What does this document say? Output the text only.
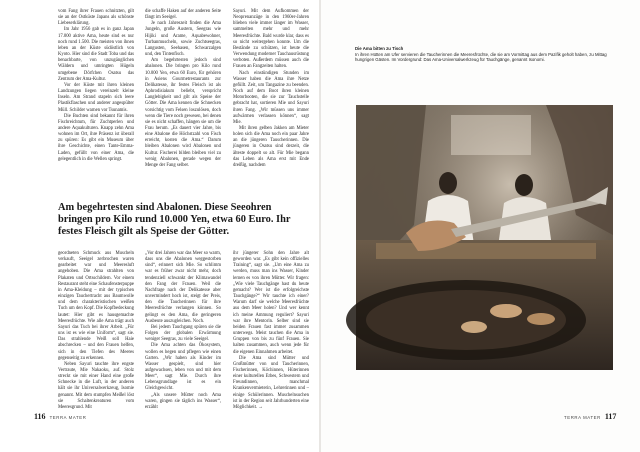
vom Fang ihrer Frauen schnitzten, gilt sie an der Ostküste Japans als schönste Liebeserklärung.

Im Jahr 1956 gab es in ganz Japan 17.000 aktive Ama, heute sind es nur noch rund 1.500. Die meisten von ihnen leben an der Küste südöstlich von Kyoto. Hier sind die Stadt Toba und das benachbarte, von unzugänglichen Wäldern und umringten Hügeln umgebene Dörfchen Osatsu das Zentrum der Ama-Kultur.

Vor der Küste mit ihren kleinen Landzungen liegen vereinzelt kleine Inseln. Am Strand stapeln sich leere Plastikflaschen und anderer angespülter Müll. Schilder warnen vor Tsunamis.

Die Buchten sind bekannt für ihren Fischreichtum, für Zuchtperlen und andere Aquakulturen. Knapp zehn Ama wohnen im Ort, ihre Präsenz ist überall zu spüren: Es gibt ein Museum über ihre Geschichte, einen Tante-Emma-Laden, gefüllt von einer Ama, die gelegentlich in die Wellen springt.

die schaffe Haken auf der anderen Seite fängt im Seeigel.

Je nach Jahreszeit finden die Ama Jungeln, große Austern, Seegras wie Hijiki und Arame, Aquabewohner, Turbanmuscheln, sowie Zuchtseegras, Langusten, Seehasen, Schwarzalgen und, den Tintenfisch.

Am begehrtesten jedoch sind abalonen. Die bringen pro Kilo rund 10.000 Yen, etwa 60 Euro, für gehören in Asiens Gourmetrestaurants zur Delikatesse, ihr festes Fleisch ist als Aphrodisiakum beliebt, verspricht Langlebigkeit und gilt als Speise der Götter. Die Ama kennen die Schnecken vorsichtig vom Felsen loszulösen, doch wenn die Tiere noch gewesen, bei denen sie es nicht schaffen, hängen sie um die Frau herum. „Es dauert vier Jahre, bis eine Abalone die Höchstzahl von Fisch erreicht, kosten die Ama.“ Darum bleiben Abalonen wird Abalonen und Kultur. Fischerei bilden bleiben viel zu wenig Abalonen, gerade wegen der Menge der Fang selber.

Sayuri. Mit dem Aufkommen der Neoprenanzüge in den 1960er-Jahren blieben viele immer länger im Wasser, sammelten mehr und mehr Meeresfrüchte. Bald wurde klar, dass es so nicht weitergehen konnte. Um die Bestände zu schützen, ist heute die Verwendung moderner Tauchausrüstung verboten. Außerdem müssen auch die Frauen an Fangzeiten halten.

Nach einstündigen Stunden im Wasser haben die Ama ihre Netze gefüllt. Zeit, um Tangazine zu beenden. Noch auf dem Boot ihren kleinen Motorbooten, die sie zur Tauchstelle gebracht hat, sortieren Mie und Sayuri ihren Fang. „Wir müssen uns immer aufwärmen verlassen können“, sagt Mie.

Mit ihren gelben Jakken am Mieter holen sich die Ama noch ein paar Jahre an die jüngeren Tauscherinnen. Die jüngeren in Osatsu sind derzeit, die älteste doppelt so alt. Für Mie begann das Leben als Ama erst mit Ende dreißig, nachdem

Am begehrtesten sind Abalonen. Diese Seeohren bringen pro Kilo rund 10.000 Yen, etwa 60 Euro. Ihr festes Fleisch gilt als Speise der Götter.

geordneten Schmuck aus Muscheln verkauft, Seeigel zerbrochen waren gearbeitet war und Meeresluft angehoben. Die Ama strahlten von Plakaten und Ortsschildern. Vor einem Restaurant steht eine Schaufensterpuppe in Ama-Kleidung – mit der typischen einzigen Tauchertracht aus Baumwolle und dem charakteristischen weißen Tuch um den Kopf. Die Kopfbedeckung lautet: Hier gibt es hausgemachte Meeresfrüchte. Wie alle Ama trägt auch Sayuri das Tuch bei ihrer Arbeit. „Für uns ist es wie eine Uniform“, sagt sie. Das strahlende Weiß soll Haie abschrecken – und den Frauen helfen, sich in den Tiefen des Meeres gegenseitig zu erkennen.

Neben Sayuri tauchte ihre engste Vertraute, Mie Nakaoku, auf. Stolz streckt sie mit einer Hand eine große Schnecke in die Luft, in der anderen hält sie ihr Universalwerkzeug, Isomie genannt. Mit dem stumpfen Meißel löst sie Schaltenkreaturen vom Meeresgrund. Mit

„Vor drei Jahren war das Meer so warm, dass uns die Abalonen weggestorben sind“, erinnert sich Mie. So schlimm war es früher zwar nicht mehr, doch tendenziell schwankt der Klimawandel den Fang der Frauen. Weil die Nachfrage nach der Delikatesse aber unvermindert hoch ist, steigt der Preis, den die Taucherinnen für ihre Meeresfrüchte verlangen können. So gelingt es den Ama, die geringeren Ausbeute auszugleichen. Noch.

Bei jedem Tauchgang spüren sie die Folgen der globalen Erwärmung weniger Seegras, zu viele Seeigel.

Die Ama achten das Ökosystem, wollen es hegen und pflegen wie einen Garten. „Wir haben als Kinder im Wasser gespielt, sind hier aufgewachsen, leben von und mit dem Meer“, sagt Mie. Durch ihre Lebensgrundlage ist es ein Gleichgewicht.

„Als unsere Mütter noch Ama waren, gingen sie täglich ins Wasser“, erzählt

ihr jüngerer Sohn den Jahre alt geworden war. „Es gibt kein offizielles Training“, sagt sie. „Um eine Ama zu werden, muss man ins Wasser, Kinder lernen es von ihren Mütter. Wir fragen: „Wie viele Tauchgänge hast du heute gemacht? Wer ist die erfolgreichste Tauchgänge?“ Wir tauchte ich einer? Warum darf sie welche Meeresfrüchte aus dem Meer holen? Und wer kennt ich meine Ammung reguliert? Sayuri war ihre Mentorin. Selber sind sie beiden Frauen fast immer zusammen unterwegs. Meist tauchen die Ama in Gruppen von bis zu fünf Frauen. Sie halten zusammen, auch wenn jede für die eigenen Einnahmen arbeitet.

Die Ama sind Mütter und Großmütter von und Taucherinnen, Fischerinnen, Köchinnen, Hüterinnen einer kulturellen Erbes, Schwestern und Freundinnen, manchmal Krankenvermieterin, Lehrerinnen und – einige Schülerinnen. Muschelnsuchen ist in der Region seit Jahrhunderten eine Möglichkeit. →

116 TERRA MATER	TERRA MATER 117
Die Ama bitten zu Tisch
In ihren Hütten am Ufer servieren die Taucherinnen die Meeresfrüchte, die sie am Vormittag aus dem Pazifik geholt haben, zu Mittag hungrigen Gästen. Im Vordergrund: Das Ama-Universalwerkzeug für Tauchgänge, genannt Isonomi.
